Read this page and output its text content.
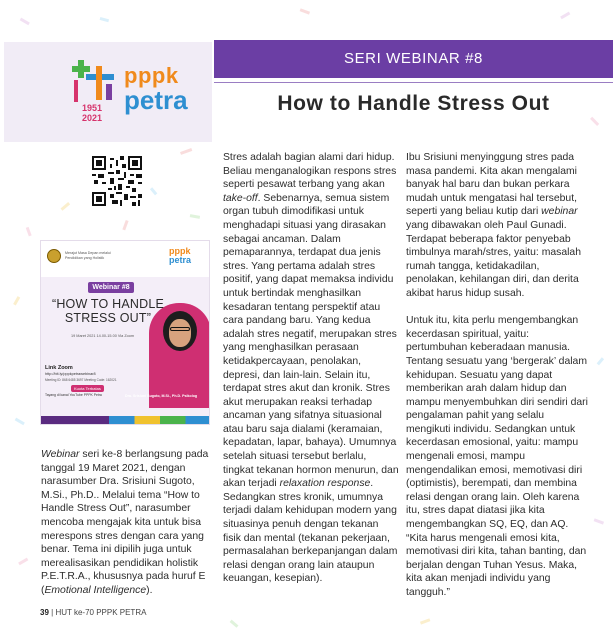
pppk
petra
1951
2021
Merajut Masa Depan melalui Pendidikan yang Holistik
pppk
petra
Webinar #8
“HOW TO HANDLE STRESS OUT”
19 Maret 2021 14.00-15.00 Via Zoom
Link Zoom
http://bit.ly/pppkpetrawebinar8
Meeting ID: 868 6485 3697 Meeting Code: 162021
Kuota Terbatas
Tayang di kanal YouTube PPPK Petra	Dra. Srisiuni Sugoto, M.Si., Ph.D. Psikolog
SERI WEBINAR #8
How to Handle Stress Out

Stres adalah bagian alami dari hidup. Beliau menganalogikan respons stres seperti pesawat terbang yang akan take-off. Sebenarnya, semua sistem organ tubuh dimodifikasi untuk menghadapi situasi yang dirasakan sebagai ancaman. Dalam pemaparannya, terdapat dua jenis stres. Yang pertama adalah stres positif, yang dapat memaksa individu untuk bertindak menghasilkan kesadaran tentang perspektif atau cara pandang baru. Yang kedua adalah stres negatif, merupakan stres yang menghasilkan perasaan ketidakpercayaan, penolakan, depresi, dan lain-lain. Selain itu, terdapat stres akut dan kronik. Stres akut merupakan reaksi terhadap ancaman yang sifatnya situasional atau baru saja dialami (keramaian, kepadatan, lapar, bahaya). Umumnya setelah situasi tersebut berlalu, tingkat tekanan hormon menurun, dan akan terjadi relaxation response. Sedangkan stres kronik, umumnya terjadi dalam kehidupan modern yang situasinya penuh dengan tekanan fisik dan mental (tekanan pekerjaan, permasalahan berkepanjangan dalam relasi dengan orang lain ataupun keuangan, kesepian).

Ibu Srisiuni menyinggung stres pada masa pandemi. Kita akan mengalami banyak hal baru dan bukan perkara mudah untuk mengatasi hal tersebut, seperti yang beliau kutip dari webinar yang dibawakan oleh Paul Gunadi. Terdapat beberapa faktor penyebab timbulnya marah/stres, yaitu: masalah rumah tangga, ketidakadilan, penolakan, kehilangan diri, dan derita akibat harus hidup susah.

Untuk itu, kita perlu mengembangkan kecerdasan spiritual, yaitu: pertumbuhan keberadaan manusia. Tentang sesuatu yang ‘bergerak’ dalam kehidupan. Sesuatu yang dapat memberikan arah dalam hidup dan mampu menyembuhkan diri sendiri dari pengalaman pahit yang selalu mengikuti individu. Sedangkan untuk kecerdasan emosional, yaitu: mampu mengenali emosi, mampu mengendalikan emosi, memotivasi diri (optimistis), berempati, dan membina relasi dengan orang lain. Oleh karena itu, stres dapat diatasi jika kita mengembangkan SQ, EQ, dan AQ. “Kita harus mengenali emosi kita, memotivasi diri kita, tahan banting, dan berjalan dengan Tuhan Yesus. Maka, kita akan menjadi individu yang tangguh.”

Webinar seri ke-8 berlangsung pada tanggal 19 Maret 2021, dengan narasumber Dra. Srisiuni Sugoto, M.Si., Ph.D.. Melalui tema “How to Handle Stress Out”, narasumber mencoba mengajak kita untuk bisa merespons stres dengan cara yang benar. Tema ini dipilih juga untuk merealisasikan pendidikan holistik P.E.T.R.A., khususnya pada huruf E (Emotional Intelligence).

39 | HUT ke-70 PPPK PETRA
